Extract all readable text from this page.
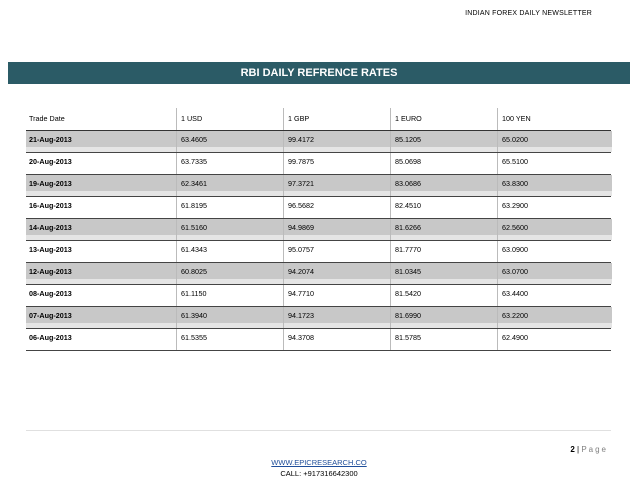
INDIAN FOREX DAILY NEWSLETTER
RBI DAILY REFRENCE RATES
Trade Date	1 USD	1 GBP	1 EURO	100 YEN
21-Aug-2013	63.4605	99.4172	85.1205	65.0200
20-Aug-2013	63.7335	99.7875	85.0698	65.5100
19-Aug-2013	62.3461	97.3721	83.0686	63.8300
16-Aug-2013	61.8195	96.5682	82.4510	63.2900
14-Aug-2013	61.5160	94.9869	81.6266	62.5600
13-Aug-2013	61.4343	95.0757	81.7770	63.0900
12-Aug-2013	60.8025	94.2074	81.0345	63.0700
08-Aug-2013	61.1150	94.7710	81.5420	63.4400
07-Aug-2013	61.3940	94.1723	81.6990	63.2200
06-Aug-2013	61.5355	94.3708	81.5785	62.4900
2 | Page
WWW.EPICRESEARCH.CO
CALL: +917316642300
